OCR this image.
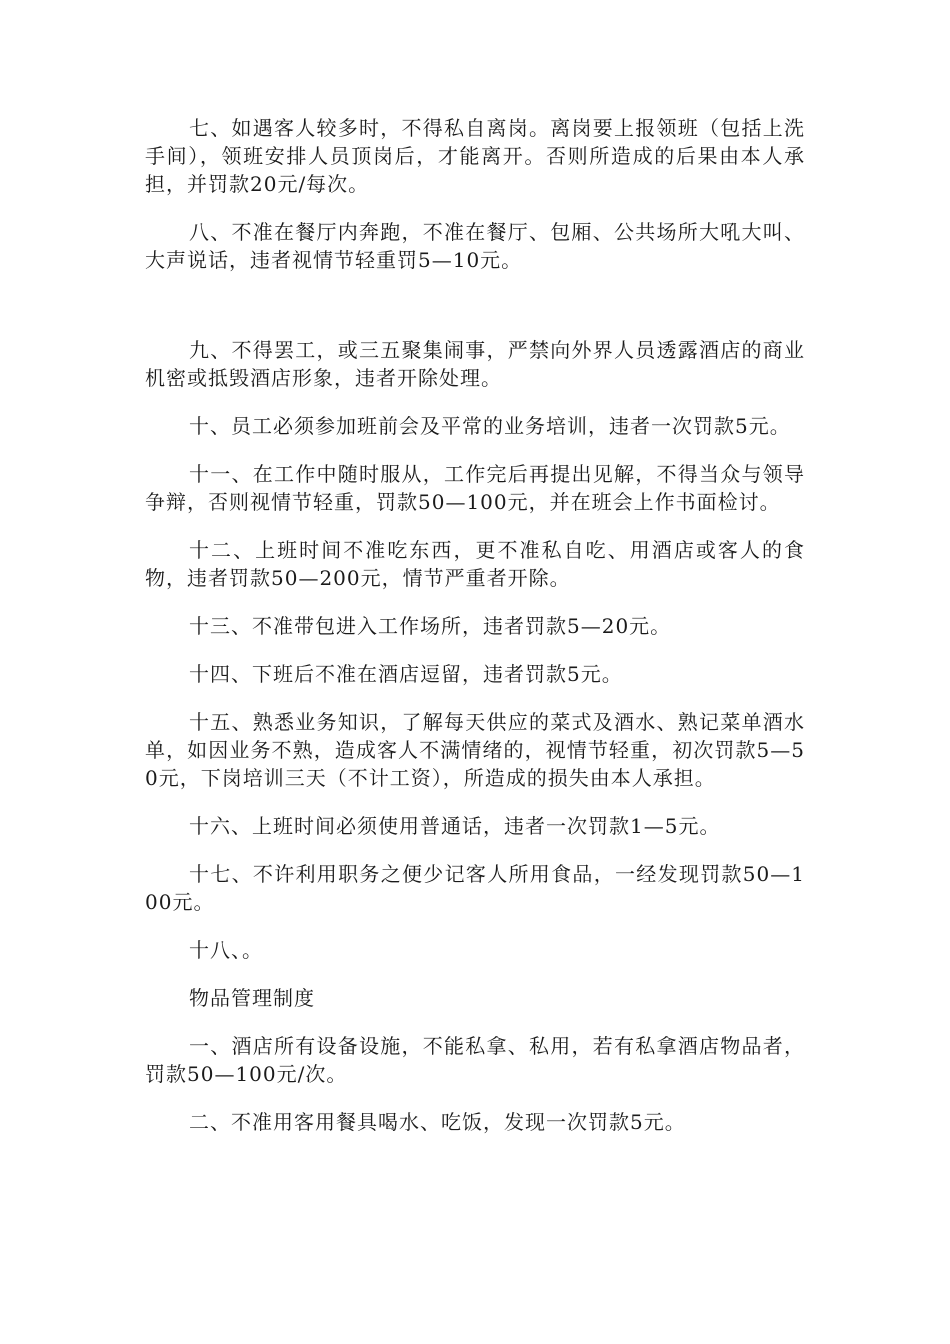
七、如遇客人较多时，不得私自离岗。离岗要上报领班（包括上洗手间），领班安排人员顶岗后，才能离开。否则所造成的后果由本人承担，并罚款20元/每次。

八、不准在餐厅内奔跑，不准在餐厅、包厢、公共场所大吼大叫、大声说话，违者视情节轻重罚5—10元。

九、不得罢工，或三五聚集闹事，严禁向外界人员透露酒店的商业机密或抵毁酒店形象，违者开除处理。

十、员工必须参加班前会及平常的业务培训，违者一次罚款5元。

十一、在工作中随时服从，工作完后再提出见解，不得当众与领导争辩，否则视情节轻重，罚款50—100元，并在班会上作书面检讨。

十二、上班时间不准吃东西，更不准私自吃、用酒店或客人的食物，违者罚款50—200元，情节严重者开除。

十三、不准带包进入工作场所，违者罚款5—20元。

十四、下班后不准在酒店逗留，违者罚款5元。

十五、熟悉业务知识，了解每天供应的菜式及酒水、熟记菜单酒水单，如因业务不熟，造成客人不满情绪的，视情节轻重，初次罚款5—50元，下岗培训三天（不计工资），所造成的损失由本人承担。

十六、上班时间必须使用普通话，违者一次罚款1—5元。

十七、不许利用职务之便少记客人所用食品，一经发现罚款50—100元。

十八、。

物品管理制度

一、酒店所有设备设施，不能私拿、私用，若有私拿酒店物品者，罚款50—100元/次。

二、不准用客用餐具喝水、吃饭，发现一次罚款5元。
